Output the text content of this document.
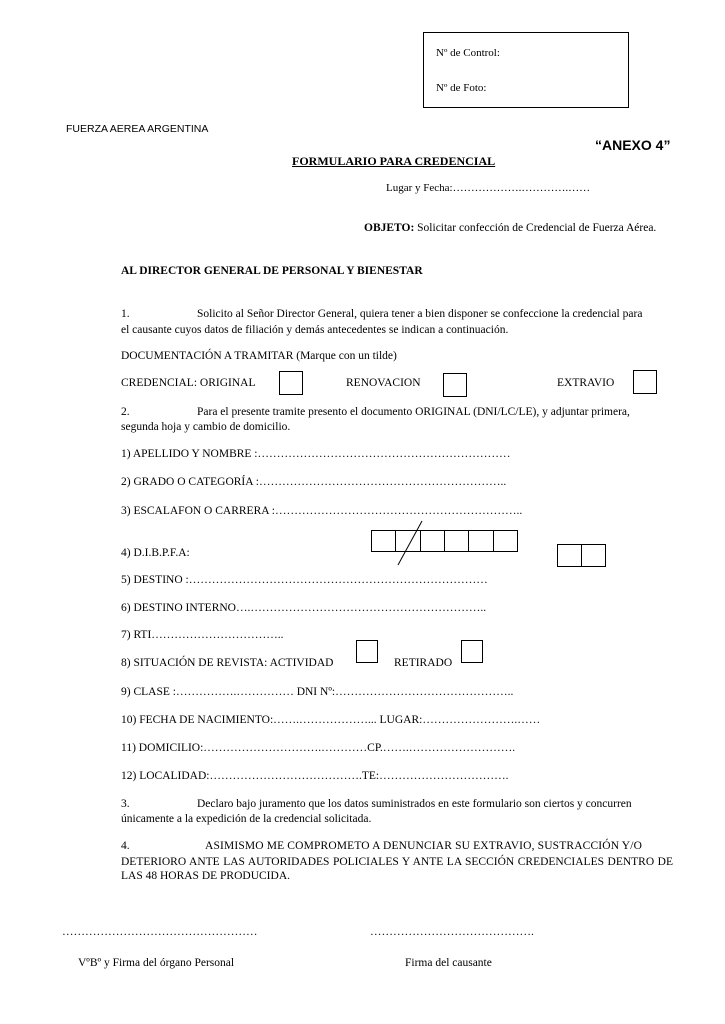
Nº de Control:
Nº de Foto:
FUERZA AEREA ARGENTINA
“ANEXO 4”
FORMULARIO PARA CREDENCIAL
Lugar y Fecha:……………….………….……
OBJETO: Solicitar confección de Credencial de Fuerza Aérea.
AL DIRECTOR GENERAL DE PERSONAL Y BIENESTAR
1.	Solicito al Señor Director General, quiera tener a bien disponer se confeccione la credencial para
el causante cuyos datos de filiación y demás antecedentes se indican a continuación.
DOCUMENTACIÓN A TRAMITAR (Marque con un tilde)
CREDENCIAL: ORIGINAL	RENOVACION	EXTRAVIO
2.	Para el presente tramite presento el documento ORIGINAL (DNI/LC/LE), y adjuntar primera,
segunda hoja y cambio de domicilio.
1) APELLIDO Y NOMBRE :…………………………………………………………
2) GRADO O CATEGORÍA :………………………………………………………..
3) ESCALAFON O CARRERA :………………………………………………………..
4) D.I.B.P.F.A:
5) DESTINO :……………………………………………………………………
6) DESTINO INTERNO….……………………………………………………..
7) RTI……………………………..
8) SITUACIÓN DE REVISTA: ACTIVIDAD	RETIRADO
9) CLASE :…………….…………… DNI Nº:………………………………………..
10) FECHA DE NACIMIENTO:…….………………... LUGAR:…………………….……
11) DOMICILIO:………………………….…………CP.…….……………………….
12) LOCALIDAD:………………………………….TE:…………………………….
3.	Declaro bajo juramento que los datos suministrados en este formulario son ciertos y concurren
únicamente a la expedición de la credencial solicitada.
4.	ASIMISMO ME COMPROMETO A DENUNCIAR SU EXTRAVIO, SUSTRACCIÓN Y/O
DETERIORO ANTE LAS AUTORIDADES POLICIALES Y ANTE LA SECCIÓN CREDENCIALES DENTRO DE LAS 48 HORAS DE PRODUCIDA.
……………………………………………
VºBº y Firma del órgano Personal
…………………………………….
Firma del causante
